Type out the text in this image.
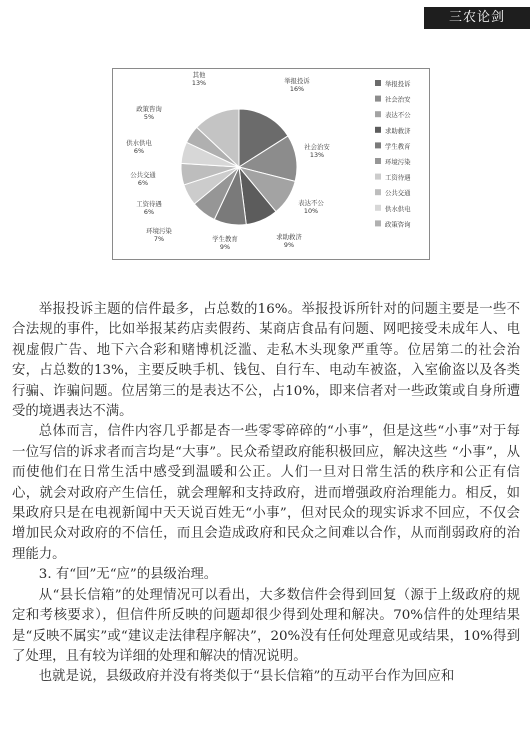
三农论剑
举报投诉
16%
社会治安
13%
表达不公
10%
求助救济
9%
学生教育
9%
环境污染
7%
工资待遇
6%
公共交通
6%
供水供电
6%
政策咨询
5%
其他
13%	举报投诉
社会治安
表达不公
求助救济
学生教育
环境污染
工资待遇
公共交通
供水供电
政策咨询

举报投诉主题的信件最多，占总数的16%。举报投诉所针对的问题主要是一些不合法规的事件，比如举报某药店卖假药、某商店食品有问题、网吧接受未成年人、电视虚假广告、地下六合彩和赌博机泛滥、走私木头现象严重等。位居第二的社会治安，占总数的13%，主要反映手机、钱包、自行车、电动车被盗，入室偷盗以及各类行骗、诈骗问题。位居第三的是表达不公，占10%，即来信者对一些政策或自身所遭受的境遇表达不满。

总体而言，信件内容几乎都是杏一些零零碎碎的“小事”，但是这些“小事”对于每一位写信的诉求者而言均是“大事”。民众希望政府能积极回应，解决这些 “小事”，从而使他们在日常生活中感受到温暖和公正。人们一旦对日常生活的秩序和公正有信心，就会对政府产生信任，就会理解和支持政府，进而增强政府治理能力。相反，如果政府只是在电视新闻中天天说百姓无“小事”，但对民众的现实诉求不回应，不仅会增加民众对政府的不信任，而且会造成政府和民众之间难以合作，从而削弱政府的治理能力。

3. 有“回”无“应”的县级治理。

从“县长信箱”的处理情况可以看出，大多数信件会得到回复（源于上级政府的规定和考核要求），但信件所反映的问题却很少得到处理和解决。70%信件的处理结果是“反映不属实”或“建议走法律程序解决”，20%没有任何处理意见或结果，10%得到了处理，且有较为详细的处理和解决的情况说明。

也就是说，县级政府并没有将类似于“县长信箱”的互动平台作为回应和
